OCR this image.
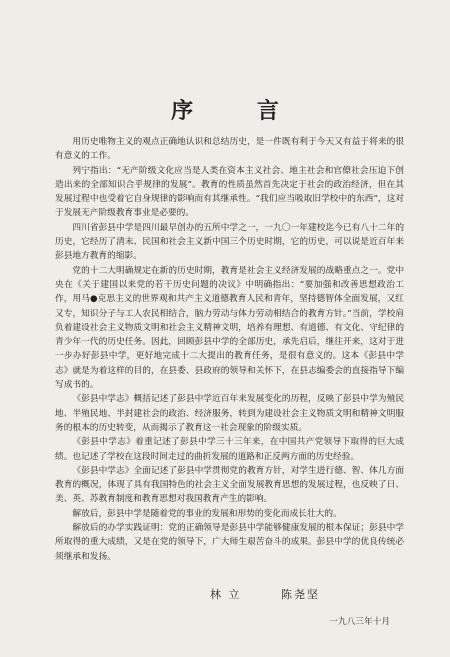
序 言

用历史唯物主义的观点正确地认识和总结历史，是一件既有利于今天又有益于将来的很有意义的工作。

列宁指出：“无产阶级文化应当是人类在资本主义社会、地主社会和官僚社会压迫下创造出来的全部知识合乎规律的发展”。教育的性质虽然首先决定于社会的政治经济，但在其发展过程中也受着它自身规律的影响而有其继承性。“我们应当吸取旧学校中的东西”，这对于发展无产阶级教育事业是必要的。

四川省彭县中学是四川最早创办的五所中学之一，一九〇一年建校迄今已有八十二年的历史，它经历了清末、民国和社会主义新中国三个历史时期，它的历史，可以说是近百年来彭县地方教育的缩影。

党的十二大明确规定在新的历史时期，教育是社会主义经济发展的战略重点之一。党中央在《关于建国以来党的若干历史问题的决议》中明确指出：“要加强和改善思想政治工作，用马●克思主义的世界观和共产主义道德教育人民和青年，坚持德智体全面发展，又红又专，知识分子与工人农民相结合，脑力劳动与体力劳动相结合的教育方针。”当前，学校肩负着建设社会主义物质文明和社会主义精神文明，培养有理想、有道德、有文化、守纪律的青少年一代的历史任务。因此，回顾彭县中学的全部历史，承先启后，继往开来，这对于进一步办好彭县中学，更好地完成十二大提出的教育任务，是很有意义的。这本《彭县中学志》就是为着这样的目的，在县委、县政府的领导和关怀下，在县志编委会的直接指导下编写成书的。

《彭县中学志》概括记述了彭县中学近百年来发展变化的历程，反映了彭县中学为殖民地、半殖民地、半封建社会的政治、经济服务，转到为建设社会主义物质文明和精神文明服务的根本的历史转变，从而揭示了教育这一社会现象的阶级实质。

《彭县中学志》着重记述了彭县中学三十三年来，在中国共产党领导下取得的巨大成绩。也记述了学校在这段时间走过的曲折发展的道路和正反两方面的历史经验。

《彭县中学志》全面记述了彭县中学贯彻党的教育方针，对学生进行德、智、体几方面教育的概况，体现了具有我国特色的社会主义全面发展教育思想的发展过程，也反映了日、美、英、苏教育制度和教育思想对我国教育产生的影响。

解放后，彭县中学是随着党的事业的发展和形势的变化而成长壮大的。

解放后的办学实践证明：党的正确领导是彭县中学能够健康发展的根本保证；彭县中学所取得的重大成绩，又是在党的领导下，广大师生艰苦奋斗的成果。彭县中学的优良传统必须继承和发扬。

林 立	陈尧坚
一九八三年十月
